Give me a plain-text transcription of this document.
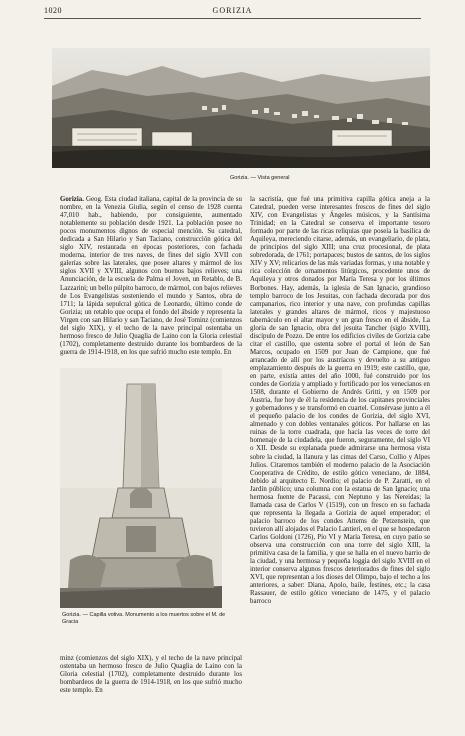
1020	GORIZIA
Gorizia. — Vista general

Gorizia. Geog. Esta ciudad italiana, capital de la provincia de su nombre, en la Venezia Giulia, según el censo de 1928 cuenta 47,010 hab., habiendo, por consiguiente, aumentado notablemente su población desde 1921. La población posee no pocos monumentos dignos de especial mención. Su catedral, dedicada a San Hilario y San Taciano, construcción gótica del siglo XIV, restaurada en épocas posteriores, con fachada moderna, interior de tres naves, de fines del siglo XVII con galerías sobre las laterales, que posee altares y mármol de los siglos XVII y XVIII, algunos con buenos bajos relieves; una Anunciación, de la escuela de Palma el Joven, un Retablo, de B. Lazzarini; un bello púlpito barroco, de mármol, con bajos relieves de Los Evangelistas sosteniendo el mundo y Santos, obra de 1711; la lápida sepulcral gótica de Leonardo, último conde de Gorizia; un retablo que ocupa el fondo del ábside y representa la Virgen con san Hilario y san Taciano, de José Tominz (comienzos del siglo XIX), y el techo de la nave principal ostentaba un hermoso fresco de Julio Quaglia de Laino con la Gloria celestial (1702), completamente destruido durante los bombardeos de la guerra de 1914-1918, en los que sufrió mucho este templo. En

Gorizia. — Capilla votiva. Monumento a los muertos sobre el M. de Gracia

minz (comienzos del siglo XIX), y el techo de la nave principal ostentaba un hermoso fresco de Julio Quaglia de Laino con la Gloria celestial (1702), completamente destruido durante los bombardeos de la guerra de 1914-1918, en los que sufrió mucho este templo. En

la sacristía, que fué una primitiva capilla gótica aneja a la Catedral, pueden verse interesantes frescos de fines del siglo XIV, con Evangelistas y Ángeles músicos, y la Santísima Trinidad; en la Catedral se conserva el importante tesoro formado por parte de las ricas reliquias que poseía la basílica de Aquileya, mereciendo citarse, además, un evangeliario, de plata, de principios del siglo XIII; una cruz procesional, de plata sobredorada, de 1761; portapaces; bustos de santos, de los siglos XIV y XV; relicarios de las más variadas formas, y una notable y rica colección de ornamentos litúrgicos, procedente unos de Aquileya y otros donados por María Teresa y por los últimos Borbones. Hay, además, la iglesia de San Ignacio, grandioso templo barroco de los Jesuitas, con fachada decorada por dos campanarios, rico interior y una nave, con profundas capillas laterales y grandes altares de mármol, ricos y majestuoso tabernáculo en el altar mayor y un gran fresco en el ábside, La gloria de san Ignacio, obra del jesuita Tancher (siglo XVIII), discípulo de Pozzo. De entre los edificios civiles de Gorizia cabe citar el castillo, que ostenta sobre el portal el león de San Marcos, ocupado en 1509 por Juan de Campione, que fué arrancado de allí por los austríacos y devuelto a su antiguo emplazamiento después de la guerra en 1919; este castillo, que, en parte, existía antes del año 1000, fué construido por los condes de Gorizia y ampliado y fortificado por los venecianos en 1508, durante el Gobierno de Andrés Gritti, y en 1509 por Austria, fue hoy de él la residencia de los capitanes provinciales y gobernadores y se transformó en cuartel. Consérvase junto a él el pequeño palacio de los condes de Gorizia, del siglo XVI, almenado y con dobles ventanales góticos. Por hallarse en las ruinas de la torre cuadrada, que hacía las veces de torre del homenaje de la ciudadela, que fueron, seguramente, del siglo VI o XII. Desde su explanada puede admirarse una hermosa vista sobre la ciudad, la llanura y las cimas del Carso, Collio y Alpes Julios. Citaremos también el moderno palacio de la Asociación Cooperativa de Crédito, de estilo gótico veneciano, de 1884, debido al arquitecto E. Nordio; el palacio de P. Zaratti, en el Jardín público; una columna con la estatua de San Ignacio; una hermosa fuente de Pacassi, con Neptuno y las Nereidas; la llamada casa de Carlos V (1519), con un fresco en su fachada que representa la llegada a Gorizia de aquel emperador; el palacio barroco de los condes Attems de Petzenstein, que tuvieron allí alojados el Palacio Lantieri, en el que se hospedaron Carlos Goldoni (1726), Pío VI y María Teresa, en cuyo patio se observa una construcción con una torre del siglo XIII, la primitiva casa de la familia, y que se halla en el nuevo barrio de la ciudad, y una hermosa y pequeña loggia del siglo XVIII en el interior conserva algunos frescos deteriorados de fines del siglo XVI, que representan a los dioses del Olimpo, bajo el techo a los anteriores, a saber: Diana, Apolo, baile, festines, etc.; la casa Rassauer, de estilo gótico veneciano de 1475, y el palacio barroco
